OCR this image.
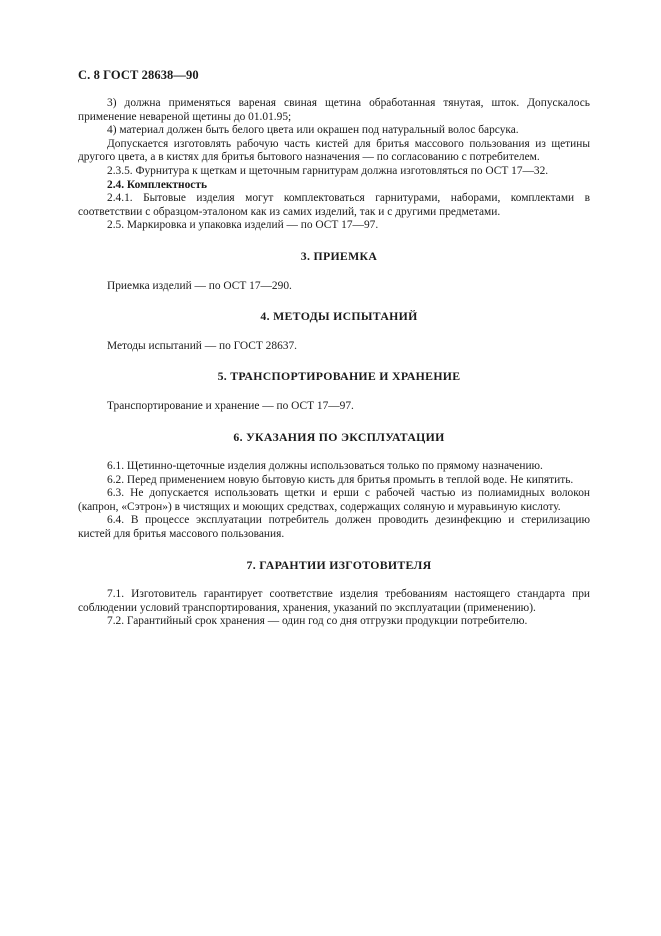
С. 8 ГОСТ 28638—90

3) должна применяться вареная свиная щетина обработанная тянутая, шток. Допускалось применение невареной щетины до 01.01.95;

4) материал должен быть белого цвета или окрашен под натуральный волос барсука.

Допускается изготовлять рабочую часть кистей для бритья массового пользования из щетины другого цвета, а в кистях для бритья бытового назначения — по согласованию с потребителем.

2.3.5. Фурнитура к щеткам и щеточным гарнитурам должна изготовляться по ОСТ 17—32.

2.4. Комплектность

2.4.1. Бытовые изделия могут комплектоваться гарнитурами, наборами, комплектами в соответствии с образцом-эталоном как из самих изделий, так и с другими предметами.

2.5. Маркировка и упаковка изделий — по ОСТ 17—97.

3. ПРИЕМКА

Приемка изделий — по ОСТ 17—290.

4. МЕТОДЫ ИСПЫТАНИЙ

Методы испытаний — по ГОСТ 28637.

5. ТРАНСПОРТИРОВАНИЕ И ХРАНЕНИЕ

Транспортирование и хранение — по ОСТ 17—97.

6. УКАЗАНИЯ ПО ЭКСПЛУАТАЦИИ

6.1. Щетинно-щеточные изделия должны использоваться только по прямому назначению.

6.2. Перед применением новую бытовую кисть для бритья промыть в теплой воде. Не кипятить.

6.3. Не допускается использовать щетки и ерши с рабочей частью из полиамидных волокон (капрон, «Сэтрон») в чистящих и моющих средствах, содержащих соляную и муравьиную кислоту.

6.4. В процессе эксплуатации потребитель должен проводить дезинфекцию и стерилизацию кистей для бритья массового пользования.

7. ГАРАНТИИ ИЗГОТОВИТЕЛЯ

7.1. Изготовитель гарантирует соответствие изделия требованиям настоящего стандарта при соблюдении условий транспортирования, хранения, указаний по эксплуатации (применению).

7.2. Гарантийный срок хранения — один год со дня отгрузки продукции потребителю.
